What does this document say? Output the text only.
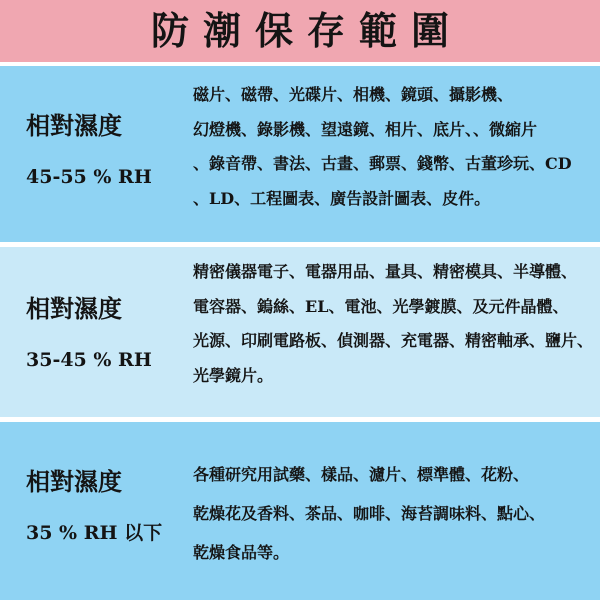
防潮保存範圍
相對濕度
45-55 % RH
磁片、磁帶、光碟片、相機、鏡頭、攝影機、
幻燈機、錄影機、望遠鏡、相片、底片、、微縮片
、錄音帶、書法、古畫、郵票、錢幣、古董珍玩、CD
、LD、工程圖表、廣告設計圖表、皮件。
相對濕度
35-45 % RH
精密儀器電子、電器用品、量具、精密模具、半導體、
電容器、鎢絲、EL、電池、光學鍍膜、及元件晶體、
光源、印刷電路板、偵測器、充電器、精密軸承、鹽片、
光學鏡片。
相對濕度
35 % RH 以下
各種研究用試藥、樣品、濾片、標準體、花粉、
乾燥花及香料、茶品、咖啡、海苔調味料、點心、
乾燥食品等。
